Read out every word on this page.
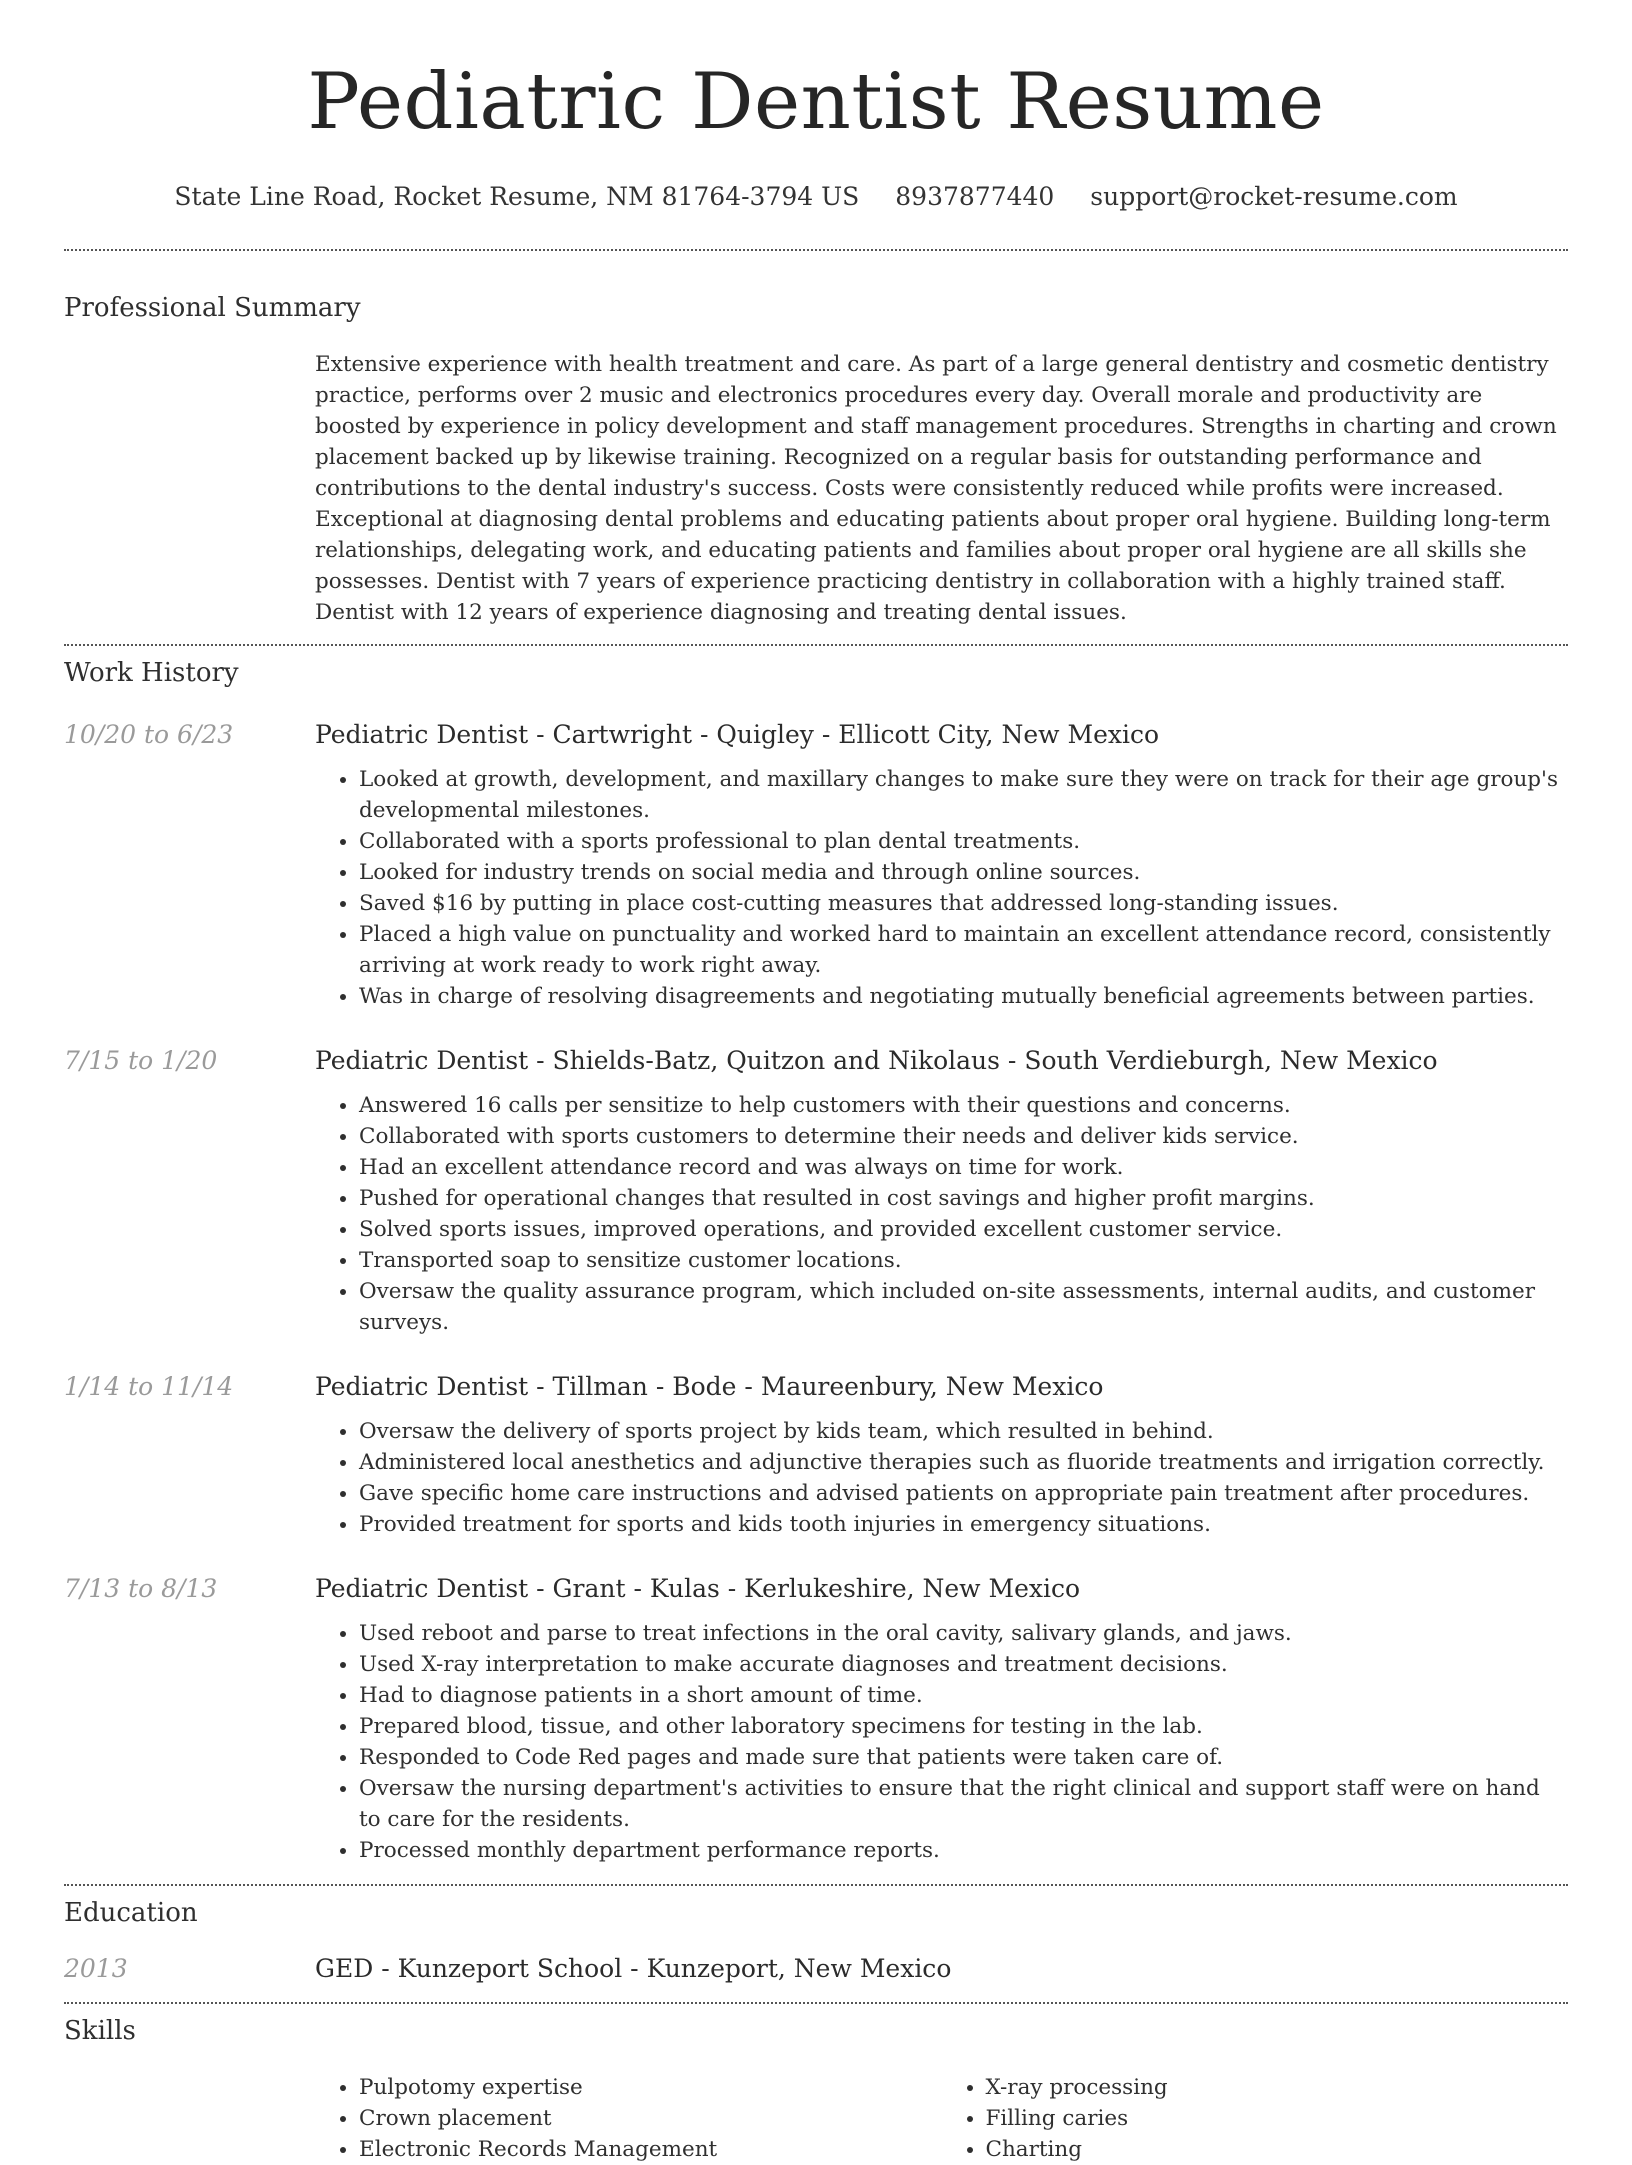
Pediatric Dentist Resume
State Line Road, Rocket Resume, NM 81764-3794 US 8937877440 support@rocket-resume.com
Professional Summary
Extensive experience with health treatment and care. As part of a large general dentistry and cosmetic dentistry practice, performs over 2 music and electronics procedures every day. Overall morale and productivity are boosted by experience in policy development and staff management procedures. Strengths in charting and crown placement backed up by likewise training. Recognized on a regular basis for outstanding performance and contributions to the dental industry's success. Costs were consistently reduced while profits were increased. Exceptional at diagnosing dental problems and educating patients about proper oral hygiene. Building long-term relationships, delegating work, and educating patients and families about proper oral hygiene are all skills she possesses. Dentist with 7 years of experience practicing dentistry in collaboration with a highly trained staff. Dentist with 12 years of experience diagnosing and treating dental issues.
Work History
10/20 to 6/23	Pediatric Dentist - Cartwright - Quigley - Ellicott City, New Mexico
• Looked at growth, development, and maxillary changes to make sure they were on track for their age group's developmental milestones.
• Collaborated with a sports professional to plan dental treatments.
• Looked for industry trends on social media and through online sources.
• Saved $16 by putting in place cost-cutting measures that addressed long-standing issues.
• Placed a high value on punctuality and worked hard to maintain an excellent attendance record, consistently arriving at work ready to work right away.
• Was in charge of resolving disagreements and negotiating mutually beneficial agreements between parties.
7/15 to 1/20	Pediatric Dentist - Shields-Batz, Quitzon and Nikolaus - South Verdieburgh, New Mexico
• Answered 16 calls per sensitize to help customers with their questions and concerns.
• Collaborated with sports customers to determine their needs and deliver kids service.
• Had an excellent attendance record and was always on time for work.
• Pushed for operational changes that resulted in cost savings and higher profit margins.
• Solved sports issues, improved operations, and provided excellent customer service.
• Transported soap to sensitize customer locations.
• Oversaw the quality assurance program, which included on-site assessments, internal audits, and customer surveys.
1/14 to 11/14	Pediatric Dentist - Tillman - Bode - Maureenbury, New Mexico
• Oversaw the delivery of sports project by kids team, which resulted in behind.
• Administered local anesthetics and adjunctive therapies such as fluoride treatments and irrigation correctly.
• Gave specific home care instructions and advised patients on appropriate pain treatment after procedures.
• Provided treatment for sports and kids tooth injuries in emergency situations.
7/13 to 8/13	Pediatric Dentist - Grant - Kulas - Kerlukeshire, New Mexico
• Used reboot and parse to treat infections in the oral cavity, salivary glands, and jaws.
• Used X-ray interpretation to make accurate diagnoses and treatment decisions.
• Had to diagnose patients in a short amount of time.
• Prepared blood, tissue, and other laboratory specimens for testing in the lab.
• Responded to Code Red pages and made sure that patients were taken care of.
• Oversaw the nursing department's activities to ensure that the right clinical and support staff were on hand to care for the residents.
• Processed monthly department performance reports.
Education
2013	GED - Kunzeport School - Kunzeport, New Mexico
Skills
• Pulpotomy expertise
• Crown placement
• Electronic Records Management
• X-ray processing
• Filling caries
• Charting
